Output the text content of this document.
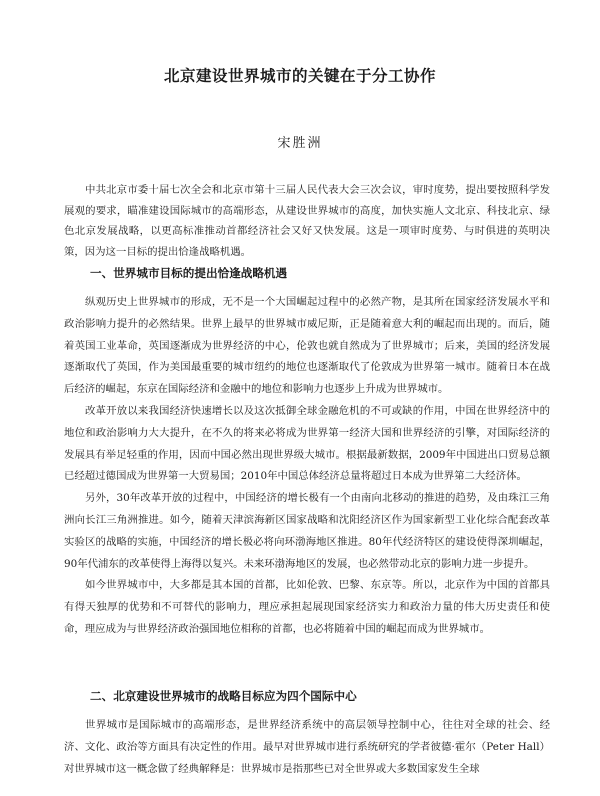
北京建设世界城市的关键在于分工协作
宋胜洲

中共北京市委十届七次全会和北京市第十三届人民代表大会三次会议，审时度势，提出要按照科学发展观的要求，瞄准建设国际城市的高端形态，从建设世界城市的高度，加快实施人文北京、科技北京、绿色北京发展战略，以更高标准推动首都经济社会又好又快发展。这是一项审时度势、与时俱进的英明决策，因为这一目标的提出恰逢战略机遇。

一、世界城市目标的提出恰逢战略机遇

纵观历史上世界城市的形成，无不是一个大国崛起过程中的必然产物，是其所在国家经济发展水平和政治影响力提升的必然结果。世界上最早的世界城市威尼斯，正是随着意大利的崛起而出现的。而后，随着英国工业革命，英国逐渐成为世界经济的中心，伦敦也就自然成为了世界城市；后来，美国的经济发展逐渐取代了英国，作为美国最重要的城市纽约的地位也逐渐取代了伦敦成为世界第一城市。随着日本在战后经济的崛起，东京在国际经济和金融中的地位和影响力也逐步上升成为世界城市。

改革开放以来我国经济快速增长以及这次抵御全球金融危机的不可或缺的作用，中国在世界经济中的地位和政治影响力大大提升，在不久的将来必将成为世界第一经济大国和世界经济的引擎，对国际经济的发展具有举足轻重的作用，因而中国必然出现世界级大城市。根据最新数据，2009年中国进出口贸易总额已经超过德国成为世界第一大贸易国；2010年中国总体经济总量将超过日本成为世界第二大经济体。

另外，30年改革开放的过程中，中国经济的增长极有一个由南向北移动的推进的趋势，及由珠江三角洲向长江三角洲推进。如今，随着天津滨海新区国家战略和沈阳经济区作为国家新型工业化综合配套改革实验区的战略的实施，中国经济的增长极必将向环渤海地区推进。80年代经济特区的建设使得深圳崛起，90年代浦东的改革使得上海得以复兴。未来环渤海地区的发展，也必然带动北京的影响力进一步提升。

如今世界城市中，大多都是其本国的首都，比如伦敦、巴黎、东京等。所以，北京作为中国的首都具有得天独厚的优势和不可替代的影响力，理应承担起展现国家经济实力和政治力量的伟大历史责任和使命，理应成为与世界经济政治强国地位相称的首都，也必将随着中国的崛起而成为世界城市。

二、北京建设世界城市的战略目标应为四个国际中心

世界城市是国际城市的高端形态，是世界经济系统中的高层领导控制中心，往往对全球的社会、经济、文化、政治等方面具有决定性的作用。最早对世界城市进行系统研究的学者彼德·霍尔（Peter Hall）对世界城市这一概念做了经典解释是：世界城市是指那些已对全世界或大多数国家发生全球
